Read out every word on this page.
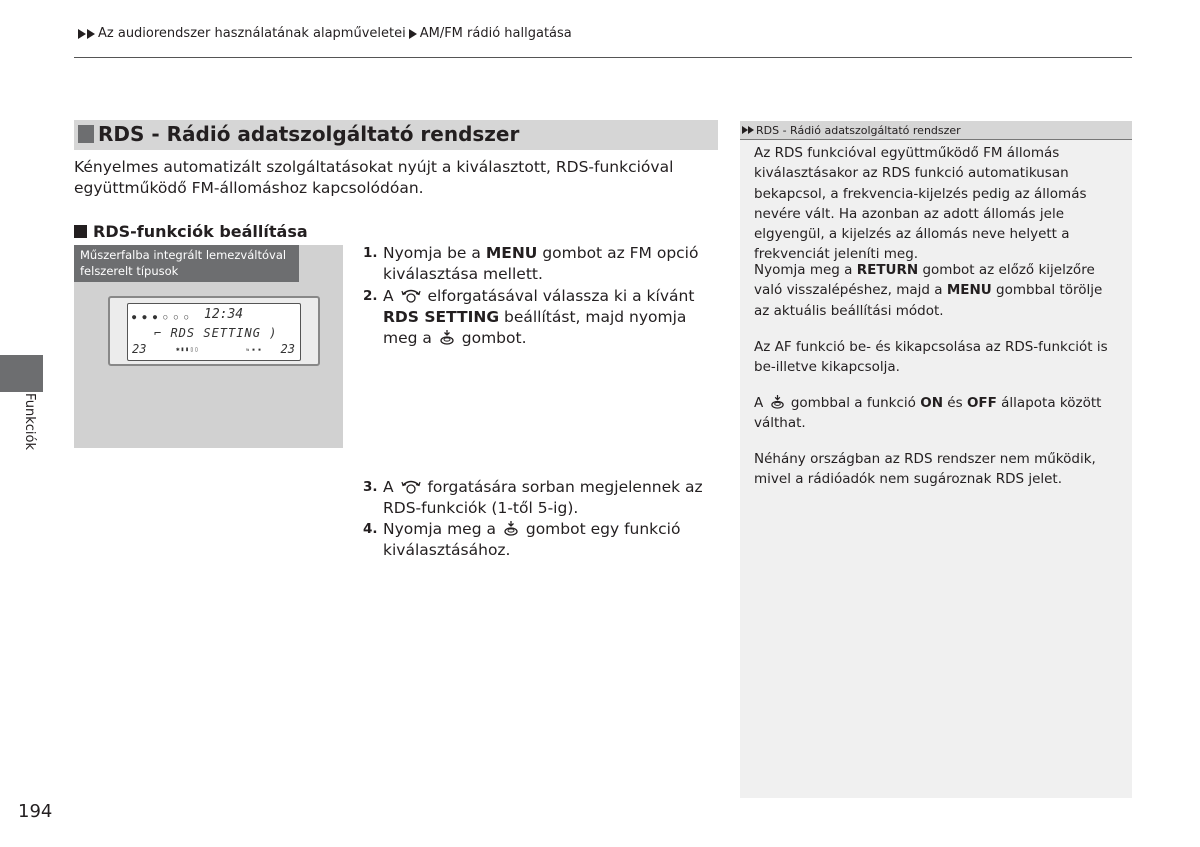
Az audiorendszer használatának alapműveletei AM/FM rádió hallgatása
RDS - Rádió adatszolgáltató rendszer
Kényelmes automatizált szolgáltatásokat nyújt a kiválasztott, RDS-funkcióval együttműködő FM-állomáshoz kapcsolódóan.
RDS-funkciók beállítása
Műszerfalba integrált lemezváltóval felszerelt típusok
● ● ● ○ ○ ○ 12:34
⌐ RDS SETTING )
23	✱▮▮▯▯	⇆ ▪ ▪ 23
1. Nyomja be a MENU gombot az FM opció kiválasztása mellett.
2. A  elforgatásával válassza ki a kívánt RDS SETTING beállítást, majd nyomja meg a  gombot.
3. A  forgatására sorban megjelennek az RDS-funkciók (1-től 5-ig).
4. Nyomja meg a  gombot egy funkció kiválasztásához.
Funkciók
RDS - Rádió adatszolgáltató rendszer
Az RDS funkcióval együttműködő FM állomás kiválasztásakor az RDS funkció automatikusan bekapcsol, a frekvencia-kijelzés pedig az állomás nevére vált. Ha azonban az adott állomás jele elgyengül, a kijelzés az állomás neve helyett a frekvenciát jeleníti meg.
Nyomja meg a RETURN gombot az előző kijelzőre való visszalépéshez, majd a MENU gombbal törölje az aktuális beállítási módot.
Az AF funkció be- és kikapcsolása az RDS-funkciót is be-illetve kikapcsolja.
A  gombbal a funkció ON és OFF állapota között válthat.
Néhány országban az RDS rendszer nem működik, mivel a rádióadók nem sugároznak RDS jelet.
194
